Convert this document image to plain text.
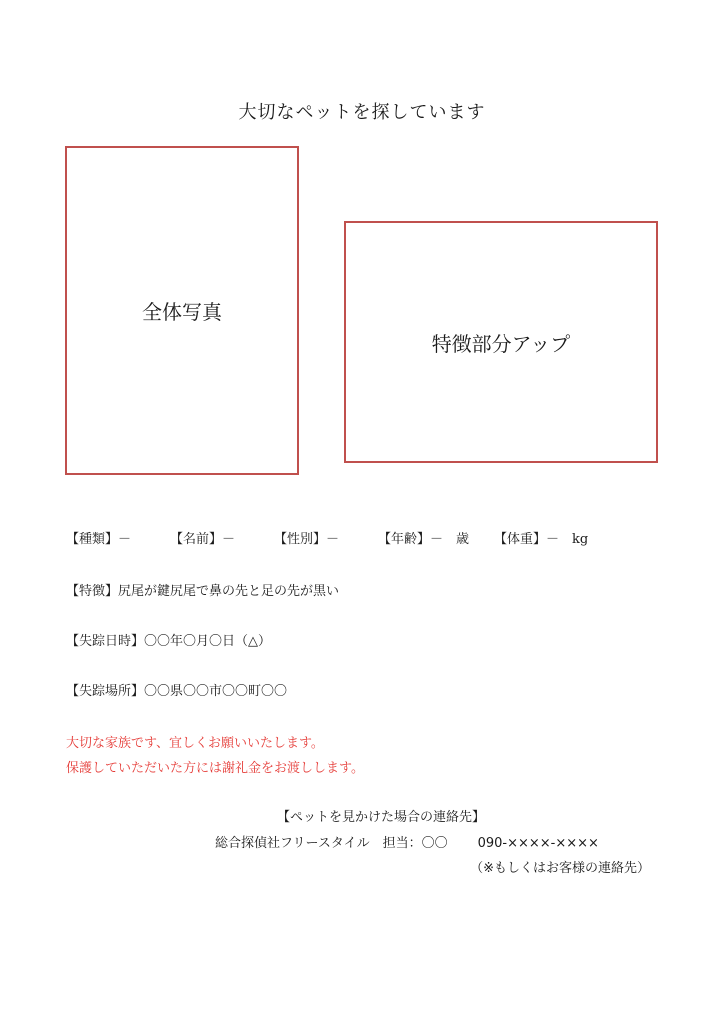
大切なペットを探しています
全体写真
特徴部分アップ
【種類】－	【名前】－	【性別】－	【年齢】－　歳 【体重】－　kg
【特徴】尻尾が鍵尻尾で鼻の先と足の先が黒い
【失踪日時】〇〇年〇月〇日（△）
【失踪場所】〇〇県〇〇市〇〇町〇〇
大切な家族です、宜しくお願いいたします。
保護していただいた方には謝礼金をお渡しします。
【ペットを見かけた場合の連絡先】
総合探偵社フリースタイル　担当：〇〇 090-××××-××××
（※もしくはお客様の連絡先）
